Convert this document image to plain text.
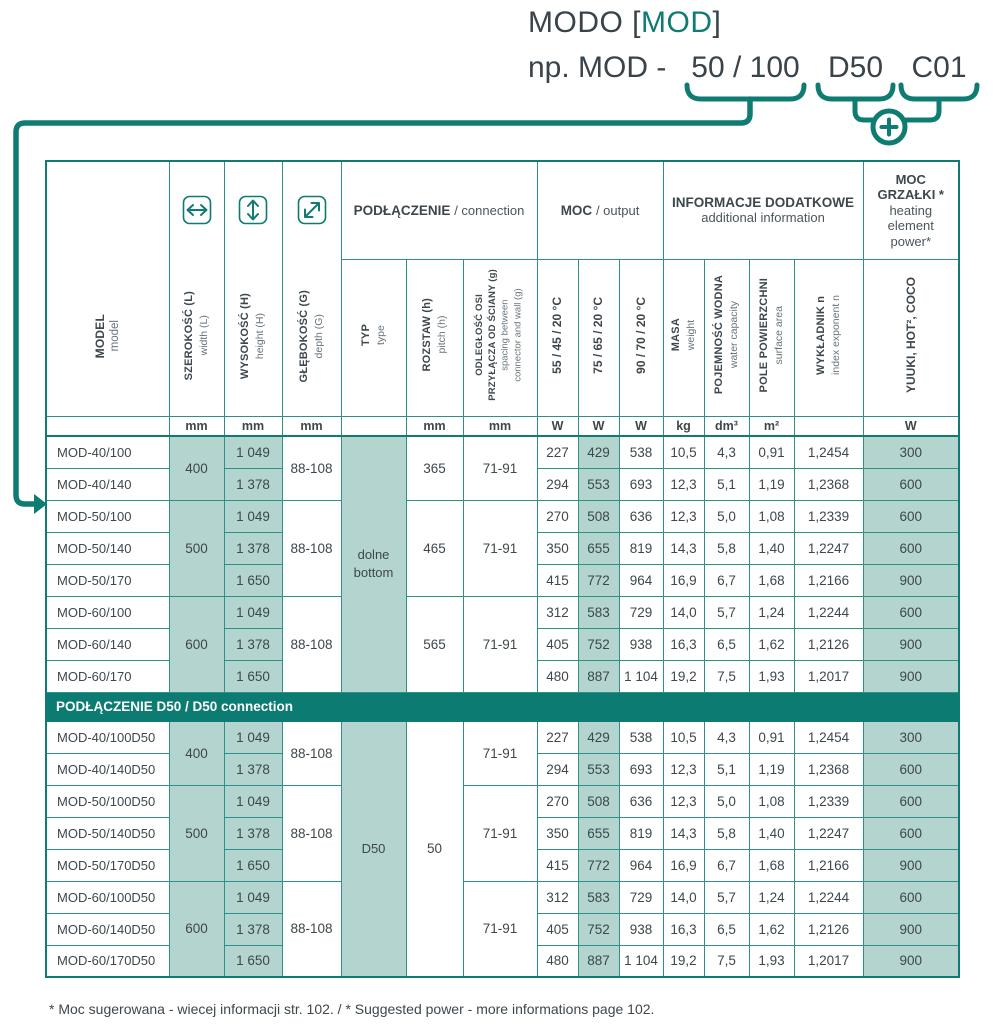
MODO [MOD]
np. MOD - 50 / 100 D50 C01
MODEL model	SZEROKOŚĆ (L) width (L)	WYSOKOŚĆ (H) height (H)	GŁĘBOKOŚĆ (G) depth (G)
	PODŁĄCZENIE / connection	MOC / output	INFORMACJE DODATKOWE
additional information

MOC
GRZAŁKI *
heating
element
power*

TYP type	ROZSTAW (h) pitch (h)	ODLEGŁOŚĆ OSI PRZYŁĄCZA OD ŚCIANY (g) spacing between connector and wall (g)	55 / 45 / 20 °C	75 / 65 / 20 °C	90 / 70 / 20 °C	MASA weight	POJEMNOŚĆ WODNA water capacity	POLE POWIERZCHNI surface area	WYKŁADNIK n index exponent n	YUUKI, HOT², COCO

	mm	mm	mm		mm	mm	W	W	W	kg	dm³	m²		W
MOD-40/100	400	1 049	88-108	dolne
bottom	365	71-91	227	429	538	10,5	4,3	0,91	1,2454	300
MOD-40/140		1 378					294	553	693	12,3	5,1	1,19	1,2368	600
MOD-50/100	500	1 049	88-108		465	71-91	270	508	636	12,3	5,0	1,08	1,2339	600
MOD-50/140		1 378					350	655	819	14,3	5,8	1,40	1,2247	600
MOD-50/170		1 650					415	772	964	16,9	6,7	1,68	1,2166	900
MOD-60/100	600	1 049	88-108		565	71-91	312	583	729	14,0	5,7	1,24	1,2244	600
MOD-60/140		1 378					405	752	938	16,3	6,5	1,62	1,2126	900
MOD-60/170		1 650					480	887	1 104	19,2	7,5	1,93	1,2017	900
PODŁĄCZENIE D50 / D50 connection														
MOD-40/100D50	400	1 049	88-108	D50	50	71-91	227	429	538	10,5	4,3	0,91	1,2454	300
MOD-40/140D50		1 378					294	553	693	12,3	5,1	1,19	1,2368	600
MOD-50/100D50	500	1 049	88-108			71-91	270	508	636	12,3	5,0	1,08	1,2339	600
MOD-50/140D50		1 378					350	655	819	14,3	5,8	1,40	1,2247	600
MOD-50/170D50		1 650					415	772	964	16,9	6,7	1,68	1,2166	900
MOD-60/100D50	600	1 049	88-108			71-91	312	583	729	14,0	5,7	1,24	1,2244	600
MOD-60/140D50		1 378					405	752	938	16,3	6,5	1,62	1,2126	900
MOD-60/170D50		1 650					480	887	1 104	19,2	7,5	1,93	1,2017	900
* Moc sugerowana - wiecej informacji str. 102. / * Suggested power - more informations page 102.
